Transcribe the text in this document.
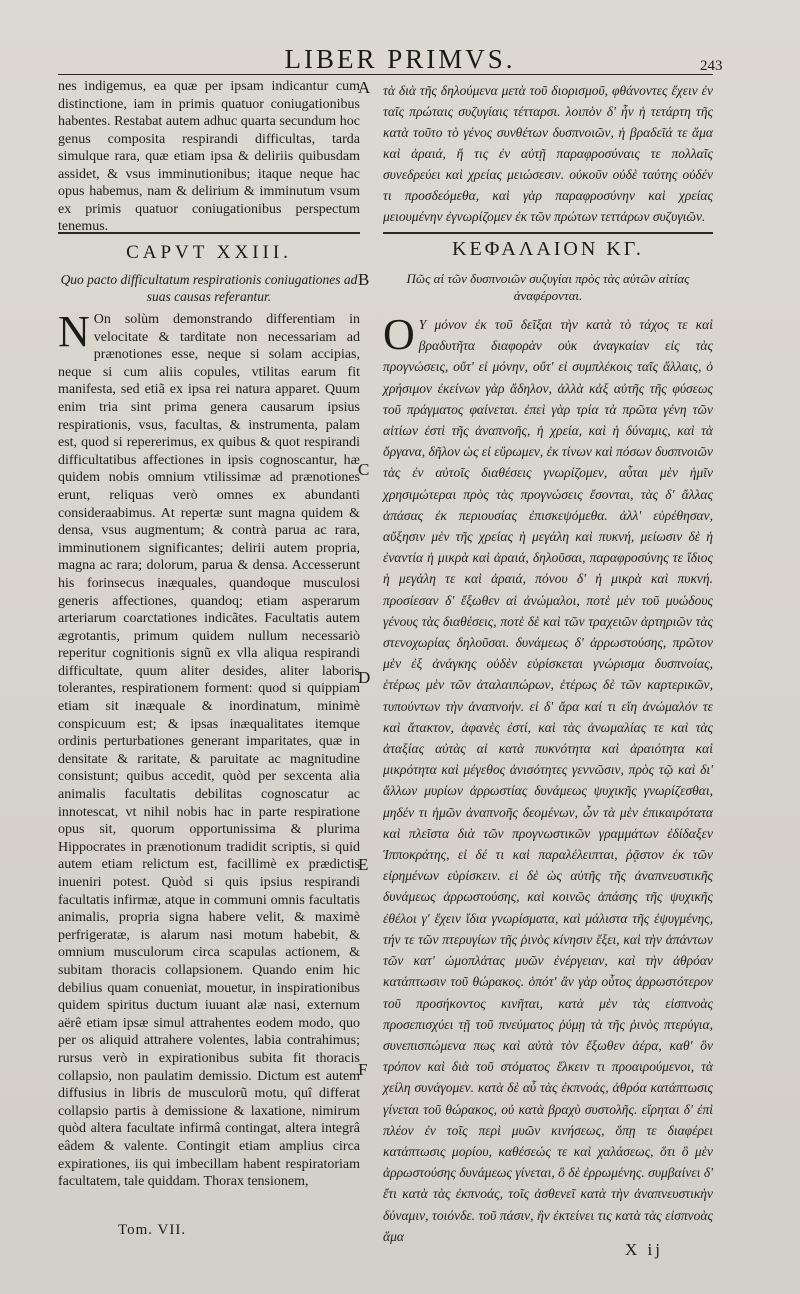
LIBER PRIMVS.	243
nes indigemus, ea quæ per ipsam indicantur cum distinctione, iam in primis quatuor coniugationibus habentes. Restabat autem adhuc quarta secundum hoc genus composita respirandi difficultas, tarda simulque rara, quæ etiam ipsa & deliriis quibusdam assidet, & vsus imminutionibus; itaque neque hac opus habemus, nam & delirium & imminutum vsum ex primis quatuor coniugationibus perspectum tenemus.
τὰ διὰ τῆς δηλούμενα μετὰ τοῦ διορισμοῦ, φθάνοντες ἔχειν ἐν ταῖς πρώταις συζυγίαις τέτταρσι. λοιπὸν δ' ἦν ἡ τετάρτη τῆς κατὰ τοῦτο τὸ γένος συνθέτων δυσπνοιῶν, ἡ βραδεῖά τε ἅμα καὶ ἀραιά, ἥ τις ἐν αὐτῇ παραφροσύναις τε πολλαῖς συνεδρεύει καὶ χρείας μειώσεσιν. οὐκοῦν οὐδὲ ταύτης οὐδέν τι προσδεόμεθα, καὶ γὰρ παραφροσύνην καὶ χρείας μειουμένην ἐγνωρίζομεν ἐκ τῶν πρώτων τεττάρων συζυγιῶν.
CAPVT XXIII.	ΚΕΦΑΛΑΙΟΝ ΚΓ.
Quo pacto difficultatum respirationis coniugationes ad suas causas referantur.
Πῶς αἱ τῶν δυσπνοιῶν συζυγίαι πρὸς τὰς αὐτῶν αἰτίας ἀναφέρονται.
N On solùm demonstrando differentiam in velocitate & tarditate non necessariam ad prænotiones esse, neque si solam accipias, neque si cum aliis copules, vtilitas earum fit manifesta, sed etiã ex ipsa rei natura apparet. Quum enim tria sint prima genera causarum ipsius respirationis, vsus, facultas, & instrumenta, palam est, quod si repererimus, ex quibus & quot respirandi difficultatibus affectiones in ipsis cognoscantur, hæ quidem nobis omnium vtilissimæ ad prænotiones erunt, reliquas verò omnes ex abundanti consideraabimus. At repertæ sunt magna quidem & densa, vsus augmentum; & contrà parua ac rara, imminutionem significantes; delirii autem propria, magna ac rara; dolorum, parua & densa. Accesserunt his forinsecus inæquales, quandoque musculosi generis affectiones, quandoq; etiam asperarum arteriarum coarctationes indicãtes. Facultatis autem ægrotantis, primum quidem nullum necessariò reperitur cognitionis signũ ex vlla aliqua respirandi difficultate, quum aliter desides, aliter laboris tolerantes, respirationem forment: quod si quippiam etiam sit inæquale & inordinatum, minimè conspicuum est; & ipsas inæqualitates itemque ordinis perturbationes generant imparitates, quæ in densitate & raritate, & paruitate ac magnitudine consistunt; quibus accedit, quòd per sexcenta alia animalis facultatis debilitas cognoscatur ac innotescat, vt nihil nobis hac in parte respiratione opus sit, quorum opportunissima & plurima Hippocrates in prænotionum tradidit scriptis, si quid autem etiam relictum est, facillimè ex prædictis inueniri potest. Quòd si quis ipsius respirandi facultatis infirmæ, atque in communi omnis facultatis animalis, propria signa habere velit, & maximè perfrigeratæ, is alarum nasi motum habebit, & omnium musculorum circa scapulas actionem, & subitam thoracis collapsionem. Quando enim hic debilius quam conueniat, mouetur, in inspirationibus quidem spiritus ductum iuuant alæ nasi, externum aërê etiam ipsæ simul attrahentes eodem modo, quo per os aliquid attrahere volentes, labia contrahimus; rursus verò in expirationibus subita fit thoracis collapsio, non paulatim demissio. Dictum est autem diffusius in libris de musculorũ motu, quî differat collapsio partis à demissione & laxatione, nimirum quòd altera facultate infirmâ contingat, altera integrâ eâdem & valente. Contingit etiam amplius circa expirationes, iis qui imbecillam habent respiratoriam facultatem, tale quiddam. Thorax tensionem,
Ο Υ μόνον ἐκ τοῦ δεῖξαι τὴν κατὰ τὸ τάχος τε καὶ βραδυτῆτα διαφορὰν οὐκ ἀναγκαίαν εἰς τὰς προγνώσεις, οὔτ' εἰ μόνην, οὔτ' εἰ συμπλέκοις ταῖς ἄλλαις, ὁ χρήσιμον ἐκείνων γὰρ ἄδηλον, ἀλλὰ κἀξ αὐτῆς τῆς φύσεως τοῦ πράγματος φαίνεται. ἐπεὶ γὰρ τρία τὰ πρῶτα γένη τῶν αἰτίων ἐστὶ τῆς ἀναπνοῆς, ἡ χρεία, καὶ ἡ δύναμις, καὶ τὰ ὄργανα, δῆλον ὡς εἰ εὕρωμεν, ἐκ τίνων καὶ πόσων δυσπνοιῶν τὰς ἐν αὐτοῖς διαθέσεις γνωρίζομεν, αὗται μὲν ἡμῖν χρησιμώτεραι πρὸς τὰς προγνώσεις ἔσονται, τὰς δ' ἄλλας ἁπάσας ἐκ περιουσίας ἐπισκεψόμεθα. ἀλλ' εὑρέθησαν, αὔξησιν μὲν τῆς χρείας ἡ μεγάλη καὶ πυκνή, μείωσιν δὲ ἡ ἐναντία ἡ μικρὰ καὶ ἀραιά, δηλοῦσαι, παραφροσύνης τε ἴδιος ἡ μεγάλη τε καὶ ἀραιά, πόνου δ' ἡ μικρὰ καὶ πυκνή. προσίεσαν δ' ἔξωθεν αἱ ἀνώμαλοι, ποτὲ μὲν τοῦ μυώδους γένους τὰς διαθέσεις, ποτὲ δὲ καὶ τῶν τραχειῶν ἀρτηριῶν τὰς στενοχωρίας δηλοῦσαι. δυνάμεως δ' ἀρρωστούσης, πρῶτον μὲν ἐξ ἀνάγκης οὐδὲν εὑρίσκεται γνώρισμα δυσπνοίας, ἑτέρως μὲν τῶν ἀταλαιπώρων, ἑτέρως δὲ τῶν καρτερικῶν, τυπούντων τὴν ἀναπνοήν. εἰ δ' ἄρα καί τι εἴη ἀνώμαλόν τε καὶ ἄτακτον, ἀφανὲς ἐστί, καὶ τὰς ἀνωμαλίας τε καὶ τὰς ἀταξίας αὐτὰς αἱ κατὰ πυκνότητα καὶ ἀραιότητα καὶ μικρότητα καὶ μέγεθος ἀνισότητες γεννῶσιν, πρὸς τῷ καὶ δι' ἄλλων μυρίων ἀρρωστίας δυνάμεως ψυχικῆς γνωρίζεσθαι, μηδέν τι ἡμῶν ἀναπνοῆς δεομένων, ὧν τὰ μὲν ἐπικαιρότατα καὶ πλεῖστα διὰ τῶν προγνωστικῶν γραμμάτων ἐδίδαξεν Ἱπποκράτης, εἰ δέ τι καὶ παραλέλειπται, ῥᾷστον ἐκ τῶν εἰρημένων εὑρίσκειν. εἰ δὲ ὡς αὐτῆς τῆς ἀναπνευστικῆς δυνάμεως ἀρρωστούσης, καὶ κοινῶς ἁπάσης τῆς ψυχικῆς ἐθέλοι γ' ἔχειν ἴδια γνωρίσματα, καὶ μάλιστα τῆς ἐψυγμένης, τήν τε τῶν πτερυγίων τῆς ῥινὸς κίνησιν ἕξει, καὶ τὴν ἁπάντων τῶν κατ' ὠμοπλάτας μυῶν ἐνέργειαν, καὶ τὴν ἀθρόαν κατάπτωσιν τοῦ θώρακος. ὁπότ' ἂν γὰρ οὗτος ἀρρωστότερον τοῦ προσήκοντος κινῆται, κατὰ μὲν τὰς εἰσπνοὰς προσεπισχύει τῇ τοῦ πνεύματος ῥύμῃ τὰ τῆς ῥινὸς πτερύγια, συνεπισπώμενα πως καὶ αὐτὰ τὸν ἔξωθεν ἀέρα, καθ' ὃν τρόπον καὶ διὰ τοῦ στόματος ἕλκειν τι προαιρούμενοι, τὰ χείλη συνάγομεν. κατὰ δὲ αὖ τὰς ἐκπνοάς, ἀθρόα κατάπτωσις γίνεται τοῦ θώρακος, οὐ κατὰ βραχὺ συστολῆς. εἴρηται δ' ἐπὶ πλέον ἐν τοῖς περὶ μυῶν κινήσεως, ὅπῃ τε διαφέρει κατάπτωσις μορίου, καθέσεώς τε καὶ χαλάσεως, ὅτι ὃ μὲν ἀρρωστούσης δυνάμεως γίνεται, ὃ δὲ ἐρρωμένης. συμβαίνει δ' ἔτι κατὰ τὰς ἐκπνοάς, τοῖς ἀσθενεῖ κατὰ τὴν ἀναπνευστικὴν δύναμιν, τοιόνδε. τοῦ πάσιν, ἣν ἐκτείνει τις κατὰ τὰς εἰσπνοὰς ἅμα
A
B
C
D
E
F
Tom. VII.
X ij
